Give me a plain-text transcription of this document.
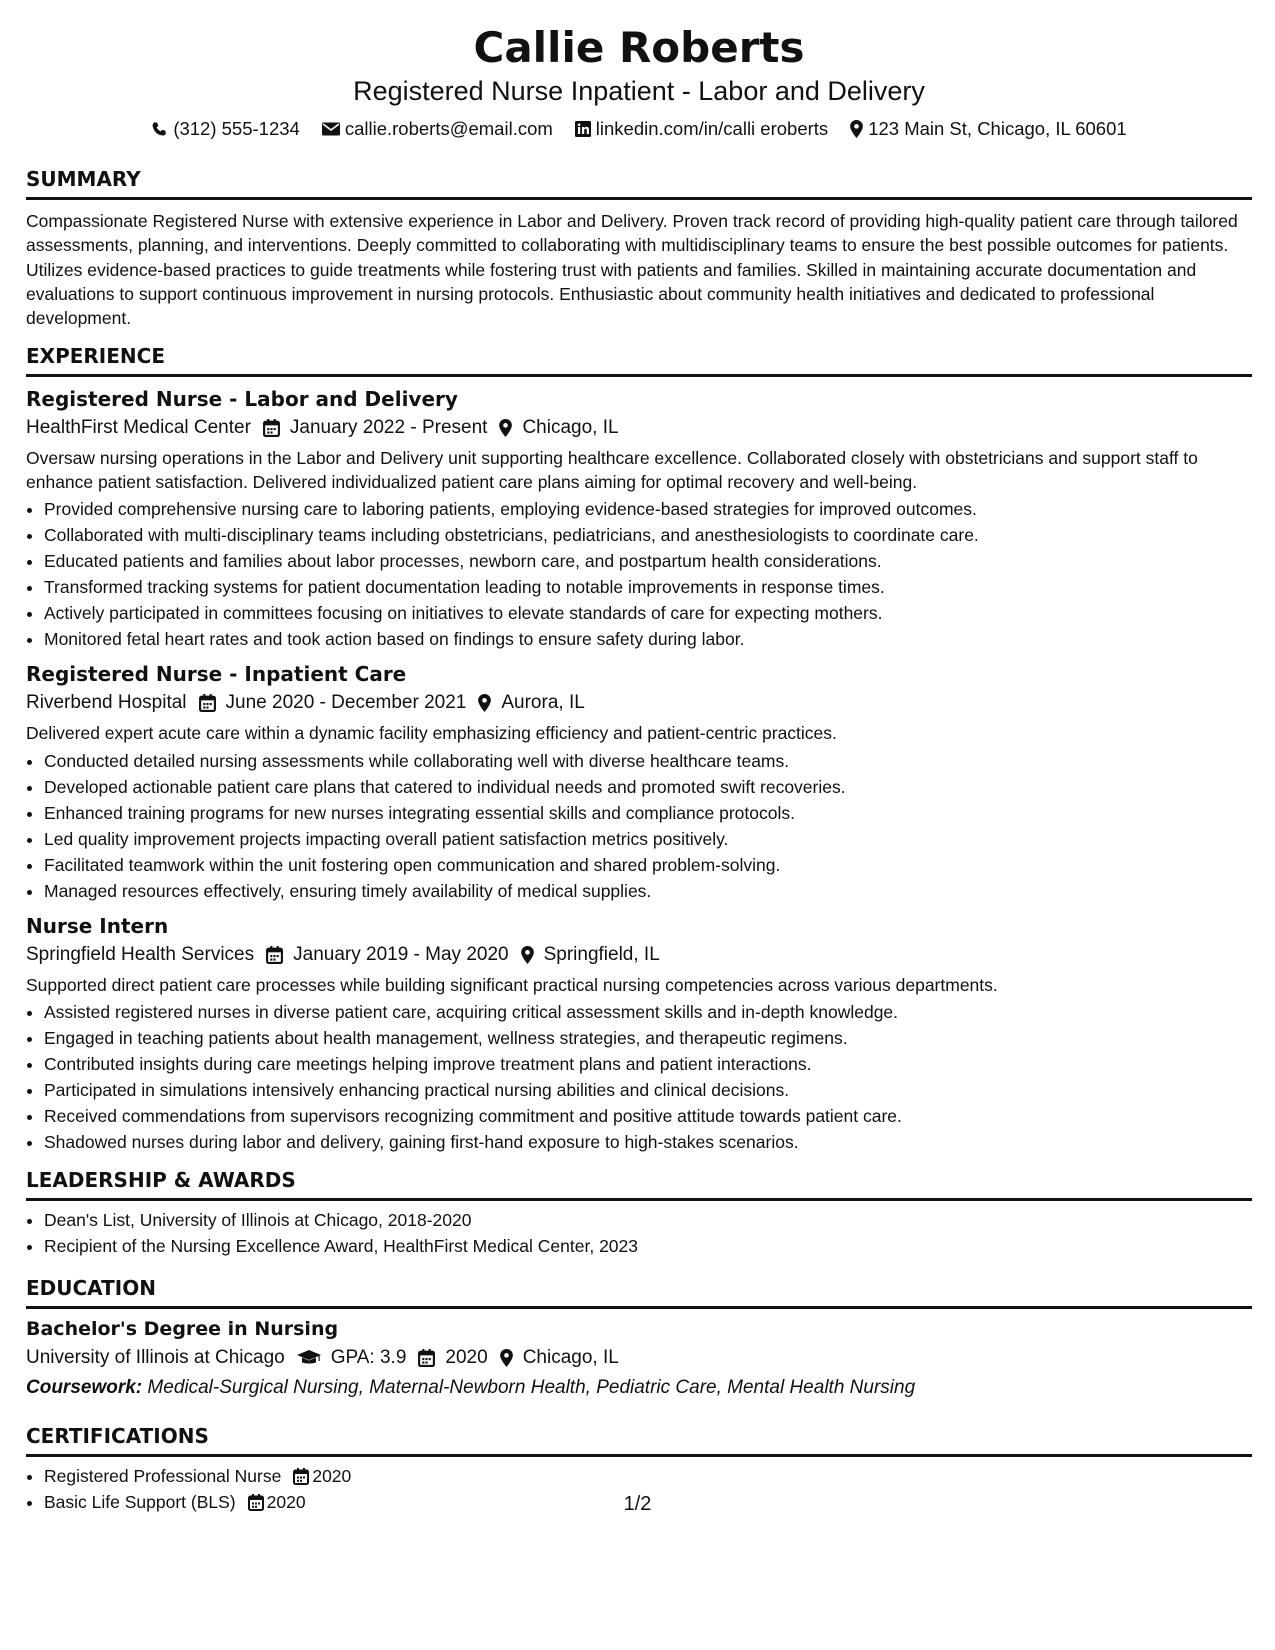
Callie Roberts
Registered Nurse Inpatient - Labor and Delivery
(312) 555-1234 callie.roberts@email.com linkedin.com/in/calli eroberts 123 Main St, Chicago, IL 60601
SUMMARY
Compassionate Registered Nurse with extensive experience in Labor and Delivery. Proven track record of providing high-quality patient care through tailored assessments, planning, and interventions. Deeply committed to collaborating with multidisciplinary teams to ensure the best possible outcomes for patients. Utilizes evidence-based practices to guide treatments while fostering trust with patients and families. Skilled in maintaining accurate documentation and evaluations to support continuous improvement in nursing protocols. Enthusiastic about community health initiatives and dedicated to professional development.
EXPERIENCE
Registered Nurse - Labor and Delivery
HealthFirst Medical Center January 2022 - Present Chicago, IL
Oversaw nursing operations in the Labor and Delivery unit supporting healthcare excellence. Collaborated closely with obstetricians and support staff to enhance patient satisfaction. Delivered individualized patient care plans aiming for optimal recovery and well-being.
• Provided comprehensive nursing care to laboring patients, employing evidence-based strategies for improved outcomes.
• Collaborated with multi-disciplinary teams including obstetricians, pediatricians, and anesthesiologists to coordinate care.
• Educated patients and families about labor processes, newborn care, and postpartum health considerations.
• Transformed tracking systems for patient documentation leading to notable improvements in response times.
• Actively participated in committees focusing on initiatives to elevate standards of care for expecting mothers.
• Monitored fetal heart rates and took action based on findings to ensure safety during labor.
Registered Nurse - Inpatient Care
Riverbend Hospital June 2020 - December 2021 Aurora, IL
Delivered expert acute care within a dynamic facility emphasizing efficiency and patient-centric practices.
• Conducted detailed nursing assessments while collaborating well with diverse healthcare teams.
• Developed actionable patient care plans that catered to individual needs and promoted swift recoveries.
• Enhanced training programs for new nurses integrating essential skills and compliance protocols.
• Led quality improvement projects impacting overall patient satisfaction metrics positively.
• Facilitated teamwork within the unit fostering open communication and shared problem-solving.
• Managed resources effectively, ensuring timely availability of medical supplies.
Nurse Intern
Springfield Health Services January 2019 - May 2020 Springfield, IL
Supported direct patient care processes while building significant practical nursing competencies across various departments.
• Assisted registered nurses in diverse patient care, acquiring critical assessment skills and in-depth knowledge.
• Engaged in teaching patients about health management, wellness strategies, and therapeutic regimens.
• Contributed insights during care meetings helping improve treatment plans and patient interactions.
• Participated in simulations intensively enhancing practical nursing abilities and clinical decisions.
• Received commendations from supervisors recognizing commitment and positive attitude towards patient care.
• Shadowed nurses during labor and delivery, gaining first-hand exposure to high-stakes scenarios.
LEADERSHIP & AWARDS
• Dean's List, University of Illinois at Chicago, 2018-2020
• Recipient of the Nursing Excellence Award, HealthFirst Medical Center, 2023
EDUCATION
Bachelor's Degree in Nursing
University of Illinois at Chicago GPA: 3.9 2020 Chicago, IL
Coursework: Medical-Surgical Nursing, Maternal-Newborn Health, Pediatric Care, Mental Health Nursing
CERTIFICATIONS
• Registered Professional Nurse 2020
• Basic Life Support (BLS) 2020	1/2
